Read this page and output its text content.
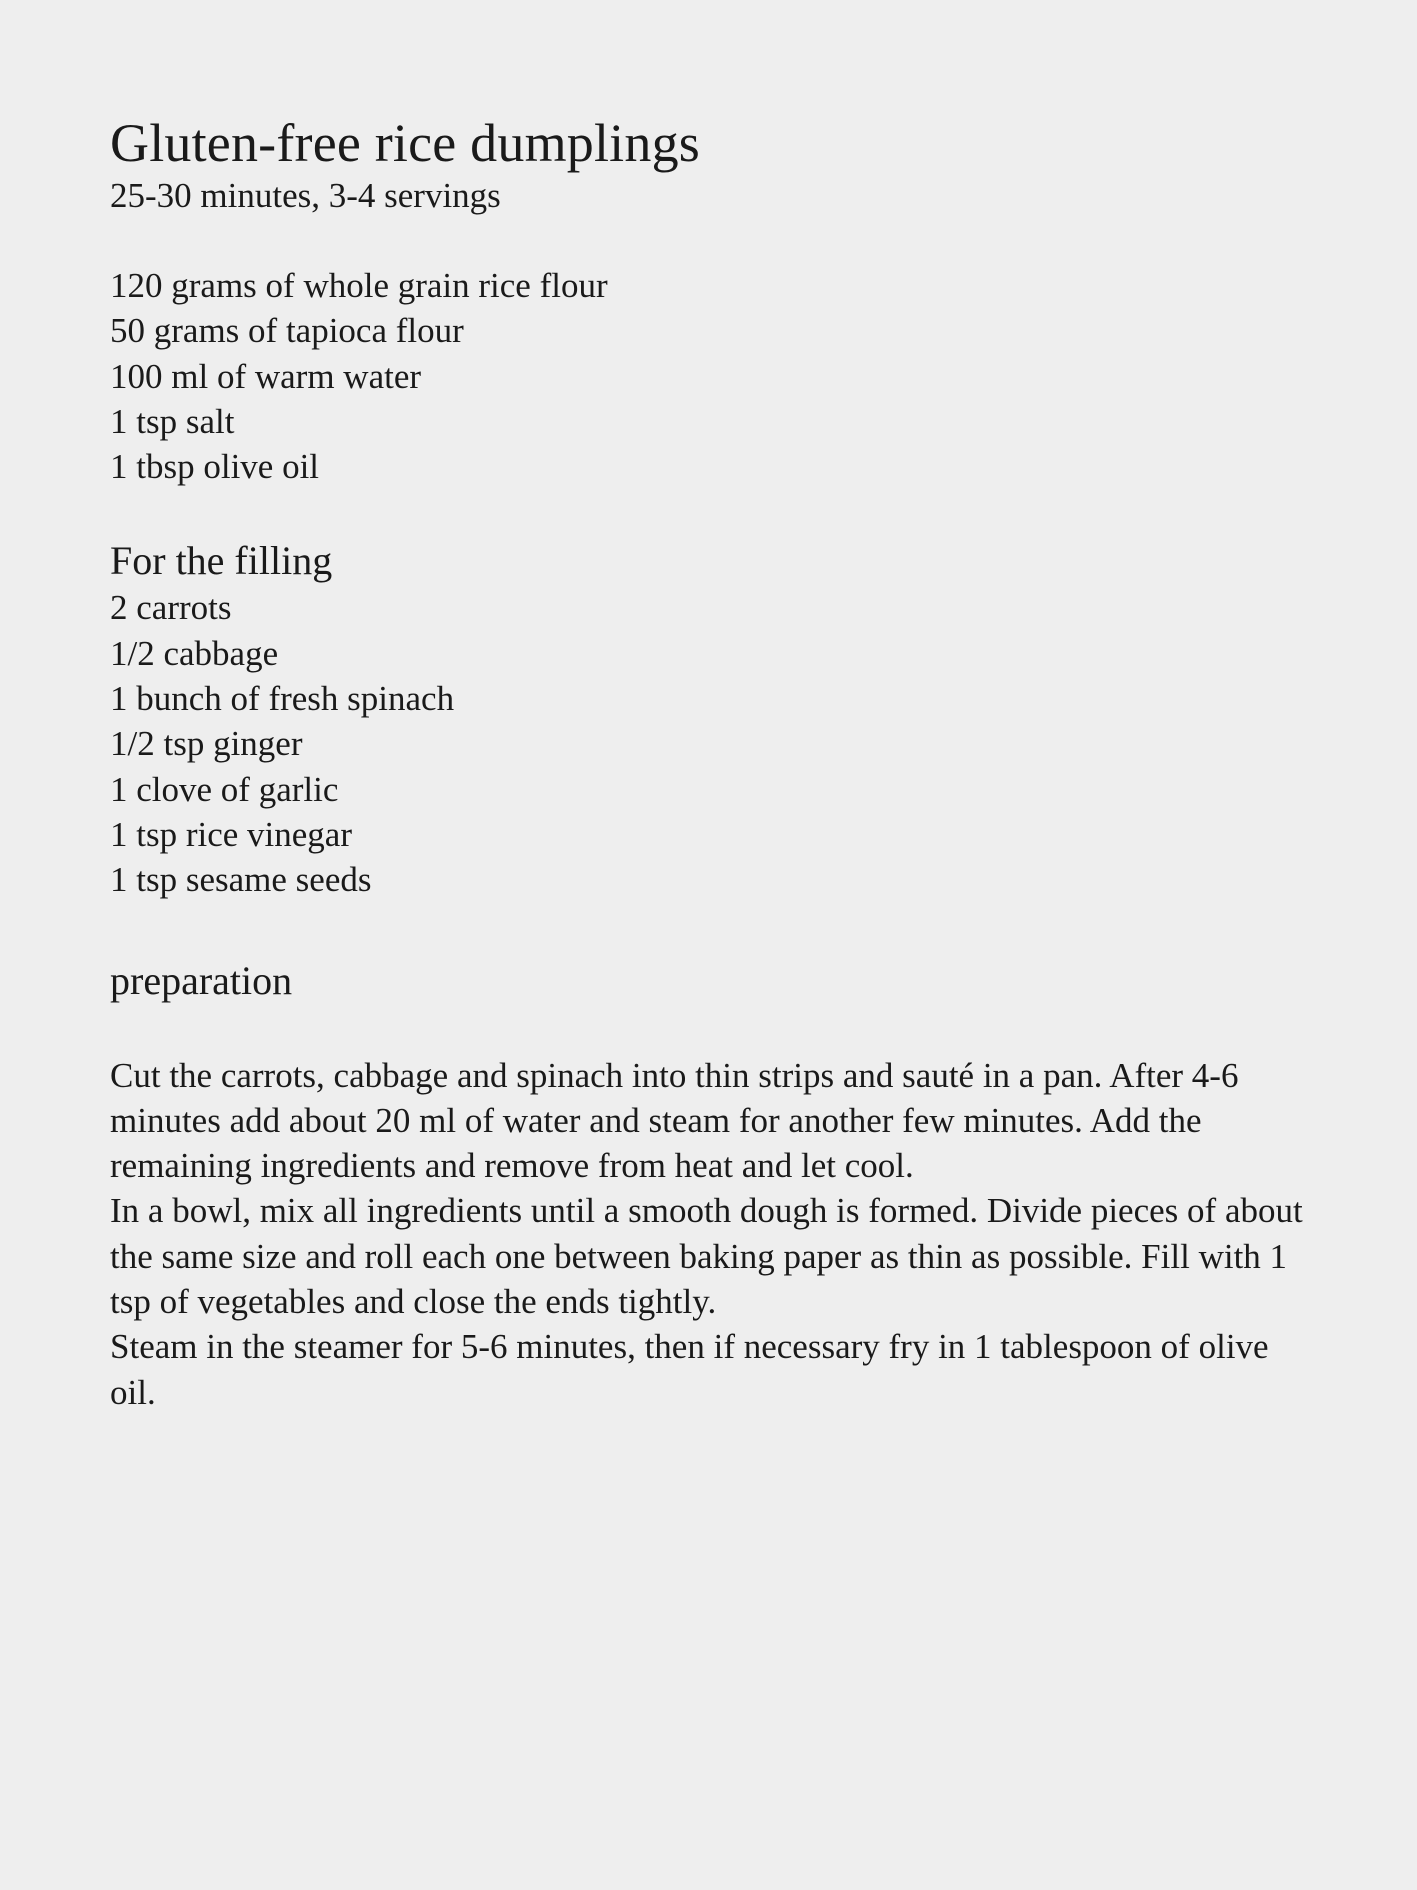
Gluten-free rice dumplings

25-30 minutes, 3-4 servings

120 grams of whole grain rice flour
50 grams of tapioca flour
100 ml of warm water
1 tsp salt
1 tbsp olive oil
For the filling
2 carrots
1/2 cabbage
1 bunch of fresh spinach
1/2 tsp ginger
1 clove of garlic
1 tsp rice vinegar
1 tsp sesame seeds
preparation

Cut the carrots, cabbage and spinach into thin strips and sauté in a pan. After 4-6 minutes add about 20 ml of water and steam for another few minutes. Add the remaining ingredients and remove from heat and let cool.

In a bowl, mix all ingredients until a smooth dough is formed. Divide pieces of about the same size and roll each one between baking paper as thin as possible. Fill with 1 tsp of vegetables and close the ends tightly.

Steam in the steamer for 5-6 minutes, then if necessary fry in 1 tablespoon of olive oil.
